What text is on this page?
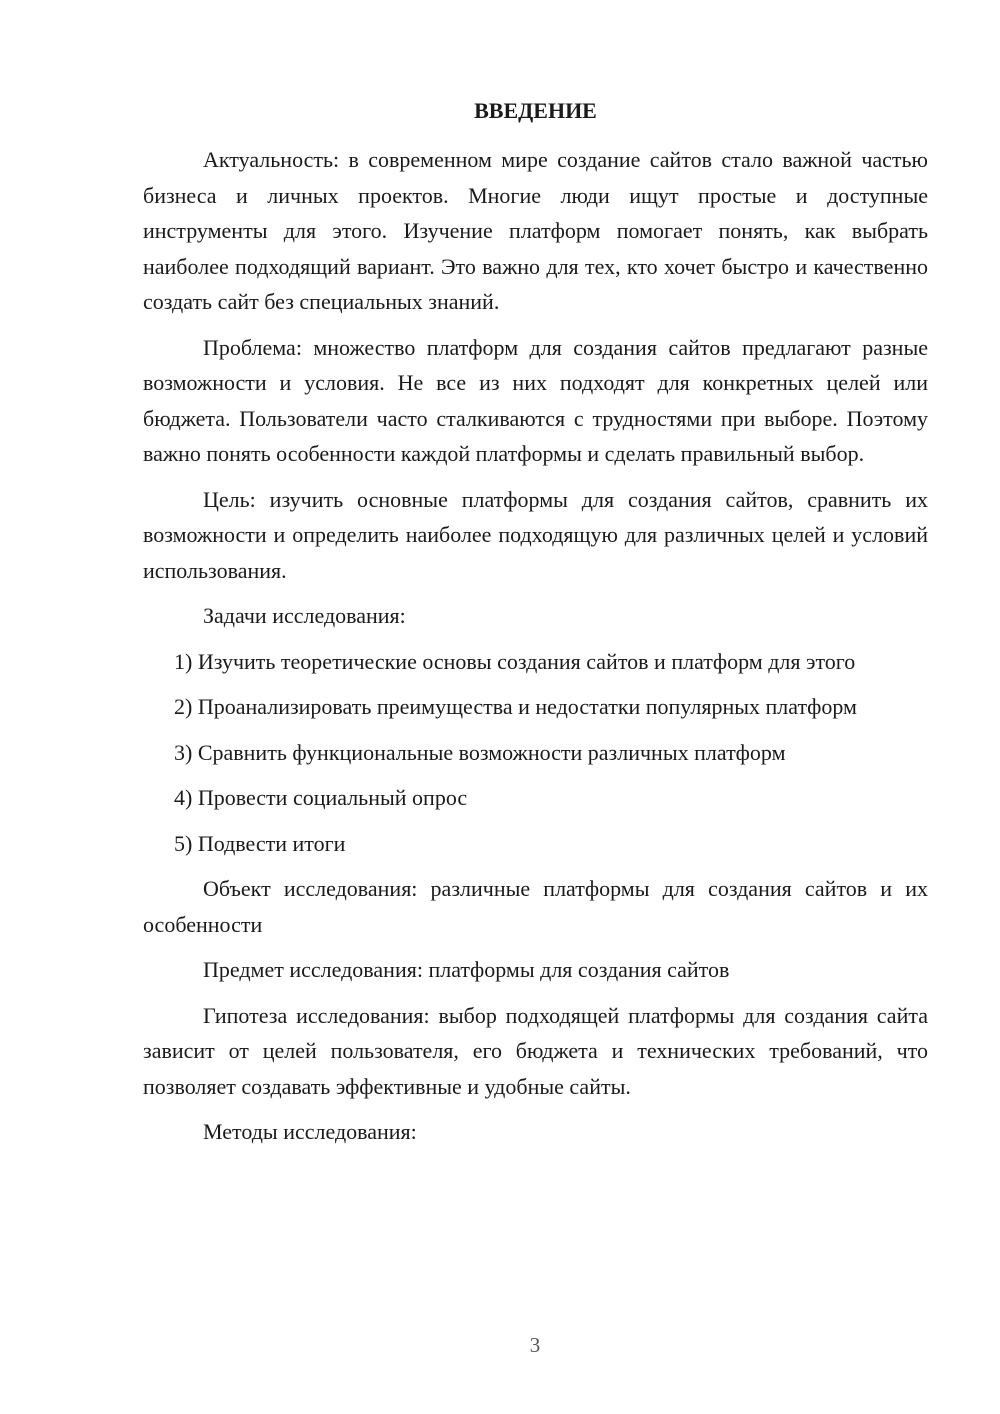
ВВЕДЕНИЕ

Актуальность: в современном мире создание сайтов стало важной частью бизнеса и личных проектов. Многие люди ищут простые и доступные инструменты для этого. Изучение платформ помогает понять, как выбрать наиболее подходящий вариант. Это важно для тех, кто хочет быстро и качественно создать сайт без специальных знаний.

Проблема: множество платформ для создания сайтов предлагают разные возможности и условия. Не все из них подходят для конкретных целей или бюджета. Пользователи часто сталкиваются с трудностями при выборе. Поэтому важно понять особенности каждой платформы и сделать правильный выбор.

Цель: изучить основные платформы для создания сайтов, сравнить их возможности и определить наиболее подходящую для различных целей и условий использования.

Задачи исследования:

1) Изучить теоретические основы создания сайтов и платформ для этого

2) Проанализировать преимущества и недостатки популярных платформ

3) Сравнить функциональные возможности различных платформ

4) Провести социальный опрос

5) Подвести итоги

Объект исследования: различные платформы для создания сайтов и их особенности

Предмет исследования: платформы для создания сайтов

Гипотеза исследования: выбор подходящей платформы для создания сайта зависит от целей пользователя, его бюджета и технических требований, что позволяет создавать эффективные и удобные сайты.

Методы исследования:

3
